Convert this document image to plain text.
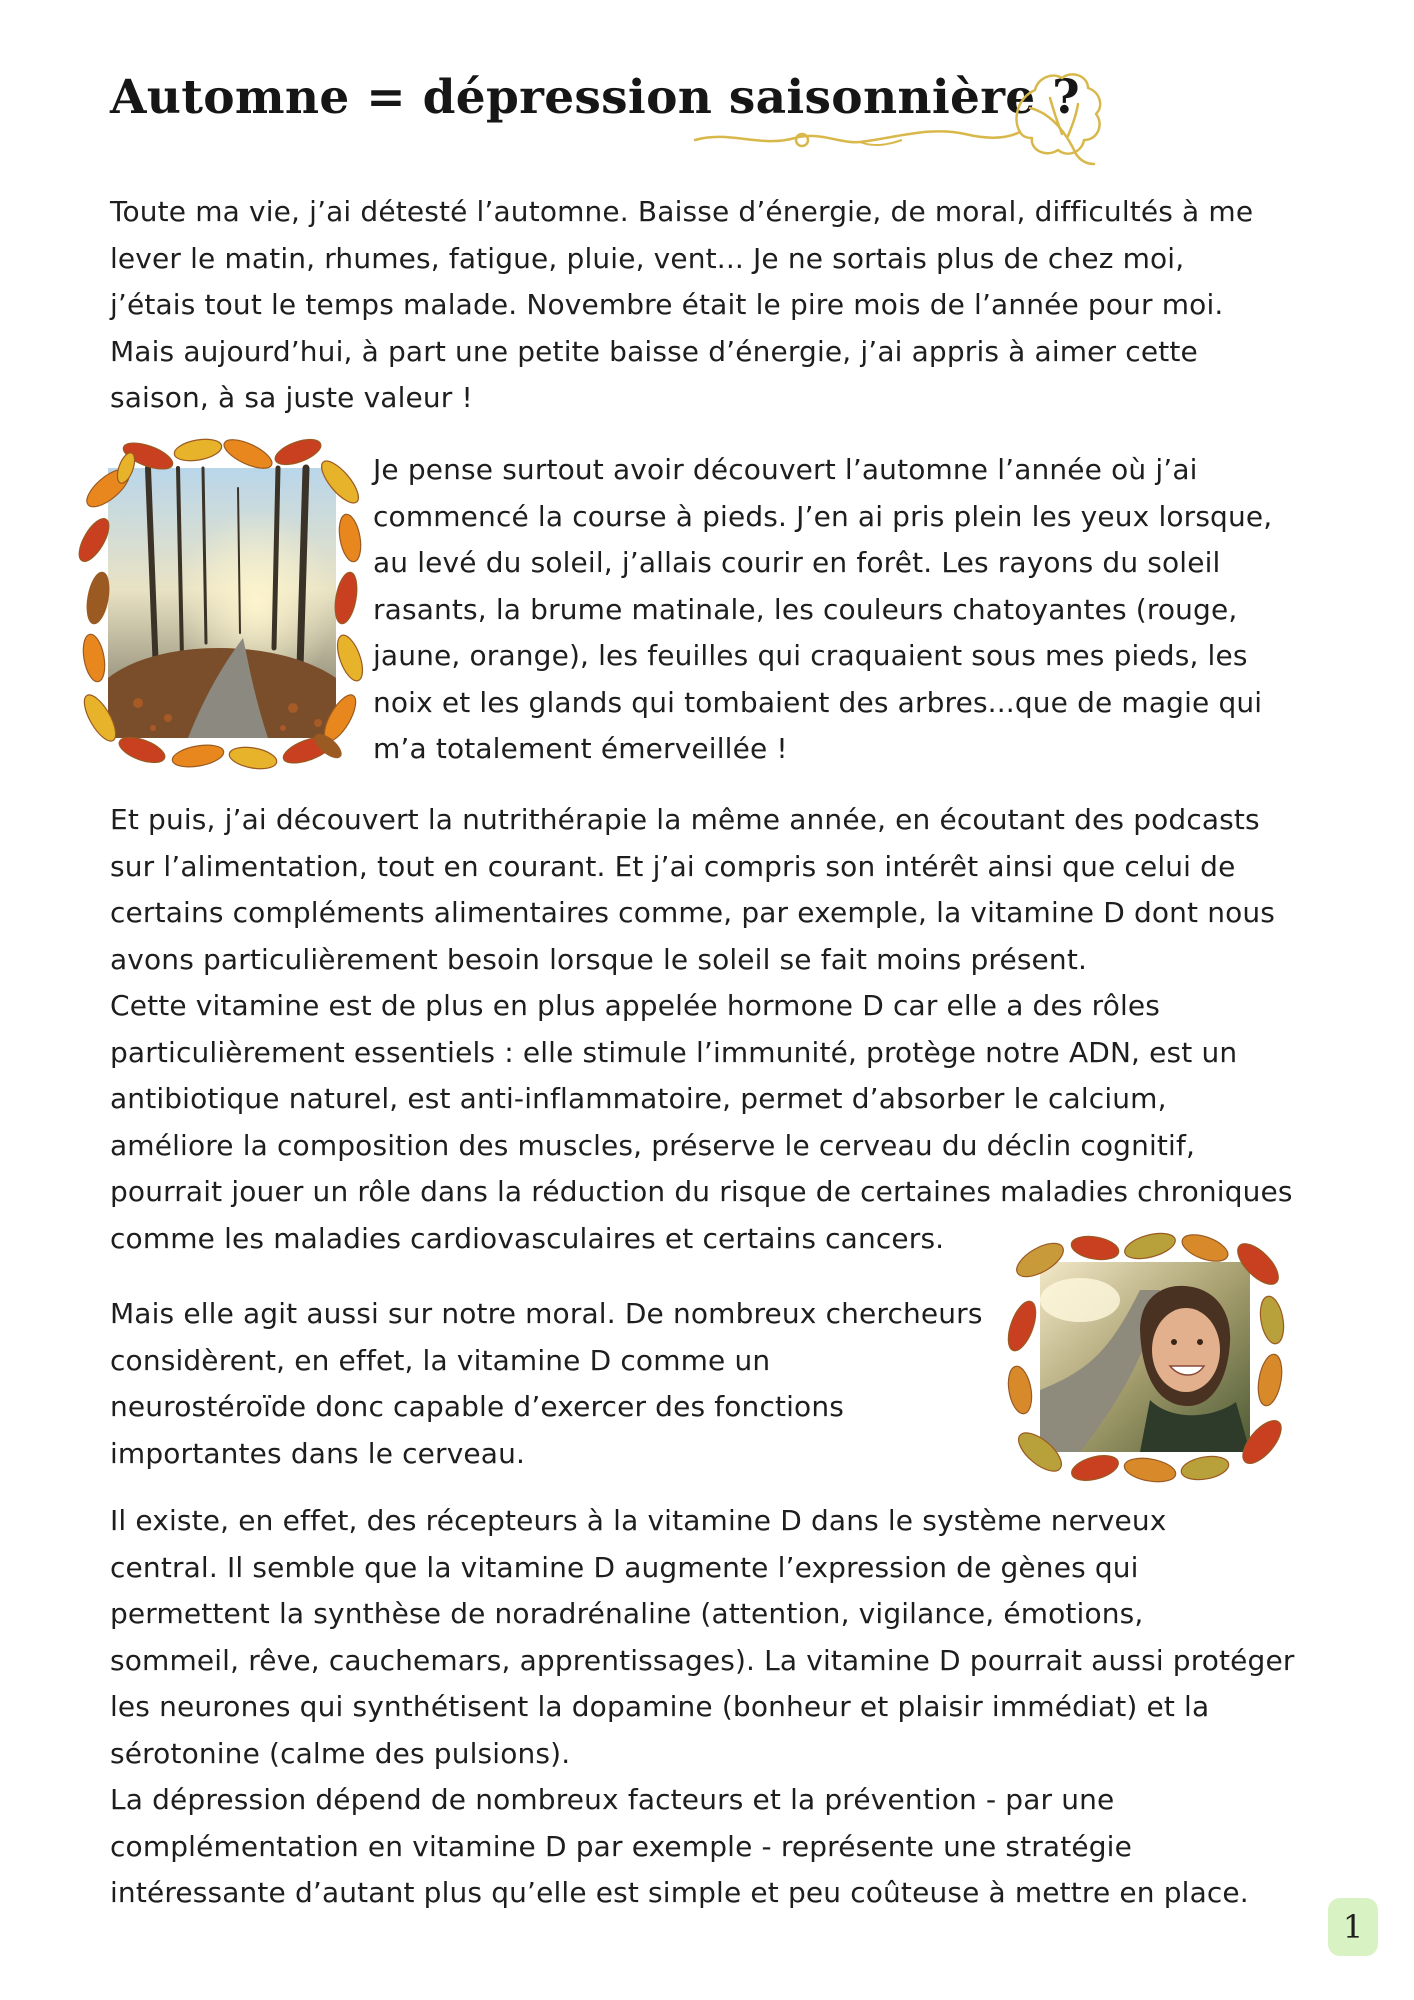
Automne = dépression saisonnière ?

Toute ma vie, j’ai détesté l’automne. Baisse d’énergie, de moral, difficultés à me
lever le matin, rhumes, fatigue, pluie, vent... Je ne sortais plus de chez moi,
j’étais tout le temps malade. Novembre était le pire mois de l’année pour moi.
Mais aujourd’hui, à part une petite baisse d’énergie, j’ai appris à aimer cette
saison, à sa juste valeur !

Je pense surtout avoir découvert l’automne l’année où j’ai
commencé la course à pieds. J’en ai pris plein les yeux lorsque,
au levé du soleil, j’allais courir en forêt. Les rayons du soleil
rasants, la brume matinale, les couleurs chatoyantes (rouge,
jaune, orange), les feuilles qui craquaient sous mes pieds, les
noix et les glands qui tombaient des arbres...que de magie qui
m’a totalement émerveillée !

Et puis, j’ai découvert la nutrithérapie la même année, en écoutant des podcasts
sur l’alimentation, tout en courant. Et j’ai compris son intérêt ainsi que celui de
certains compléments alimentaires comme, par exemple, la vitamine D dont nous
avons particulièrement besoin lorsque le soleil se fait moins présent.
Cette vitamine est de plus en plus appelée hormone D car elle a des rôles
particulièrement essentiels : elle stimule l’immunité, protège notre ADN, est un
antibiotique naturel, est anti-inflammatoire, permet d’absorber le calcium,
améliore la composition des muscles, préserve le cerveau du déclin cognitif,
pourrait jouer un rôle dans la réduction du risque de certaines maladies chroniques
comme les maladies cardiovasculaires et certains cancers.

Mais elle agit aussi sur notre moral. De nombreux chercheurs
considèrent, en effet, la vitamine D comme un
neurostéroïde donc capable d’exercer des fonctions
importantes dans le cerveau.

Il existe, en effet, des récepteurs à la vitamine D dans le système nerveux
central. Il semble que la vitamine D augmente l’expression de gènes qui
permettent la synthèse de noradrénaline (attention, vigilance, émotions,
sommeil, rêve, cauchemars, apprentissages). La vitamine D pourrait aussi protéger
les neurones qui synthétisent la dopamine (bonheur et plaisir immédiat) et la
sérotonine (calme des pulsions).
La dépression dépend de nombreux facteurs et la prévention - par une
complémentation en vitamine D par exemple - représente une stratégie
intéressante d’autant plus qu’elle est simple et peu coûteuse à mettre en place.

1
